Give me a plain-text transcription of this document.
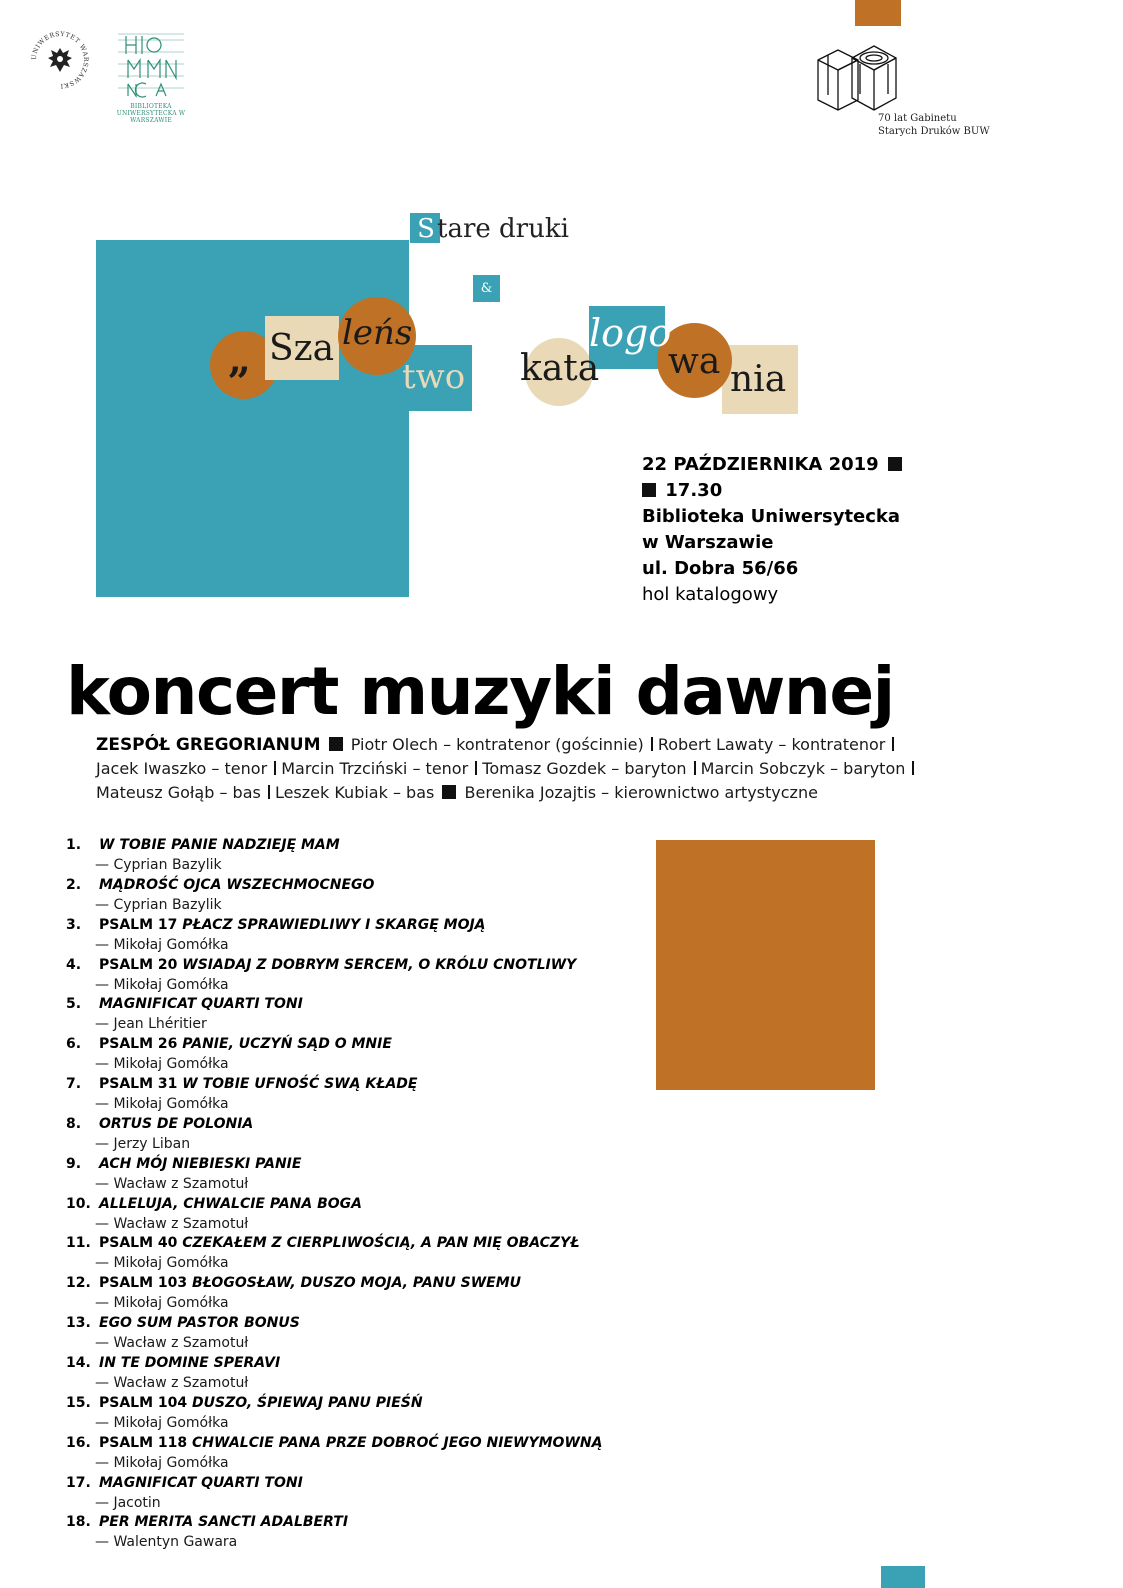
UNIWERSYTET WARSZAWSKI
BIBLIOTEKA UNIWERSYTECKA W WARSZAWIE	70 lat Gabinetu
Starych Druków BUW
S tare druki
&
„ Sza leńs
two kata
logo
wa nia
22 PAŹDZIERNIKA 2019
17.30
Biblioteka Uniwersytecka
w Warszawie
ul. Dobra 56/66
hol katalogowy
koncert muzyki dawnej
ZESPÓŁ GREGORIANUM Piotr Olech – kontratenor (gościnnie) Robert Lawaty – kontratenor
Jacek Iwaszko – tenor Marcin Trzciński – tenor Tomasz Gozdek – baryton Marcin Sobczyk – baryton
Mateusz Gołąb – bas Leszek Kubiak – bas Berenika Jozajtis – kierownictwo artystyczne
1. W TOBIE PANIE NADZIEJĘ MAM
— Cyprian Bazylik
2. MĄDROŚĆ OJCA WSZECHMOCNEGO
— Cyprian Bazylik
3. PSALM 17 PŁACZ SPRAWIEDLIWY I SKARGĘ MOJĄ
— Mikołaj Gomółka
4. PSALM 20 WSIADAJ Z DOBRYM SERCEM, O KRÓLU CNOTLIWY
— Mikołaj Gomółka
5. MAGNIFICAT QUARTI TONI
— Jean Lhéritier
6. PSALM 26 PANIE, UCZYŃ SĄD O MNIE
— Mikołaj Gomółka
7. PSALM 31 W TOBIE UFNOŚĆ SWĄ KŁADĘ
— Mikołaj Gomółka
8. ORTUS DE POLONIA
— Jerzy Liban
9. ACH MÓJ NIEBIESKI PANIE
— Wacław z Szamotuł
10. ALLELUJA, CHWALCIE PANA BOGA
— Wacław z Szamotuł
11. PSALM 40 CZEKAŁEM Z CIERPLIWOŚCIĄ, A PAN MIĘ OBACZYŁ
— Mikołaj Gomółka
12. PSALM 103 BŁOGOSŁAW, DUSZO MOJA, PANU SWEMU
— Mikołaj Gomółka
13. EGO SUM PASTOR BONUS
— Wacław z Szamotuł
14. IN TE DOMINE SPERAVI
— Wacław z Szamotuł
15. PSALM 104 DUSZO, ŚPIEWAJ PANU PIEŚŃ
— Mikołaj Gomółka
16. PSALM 118 CHWALCIE PANA PRZE DOBROĆ JEGO NIEWYMOWNĄ
— Mikołaj Gomółka
17. MAGNIFICAT QUARTI TONI
— Jacotin
18. PER MERITA SANCTI ADALBERTI
— Walentyn Gawara
